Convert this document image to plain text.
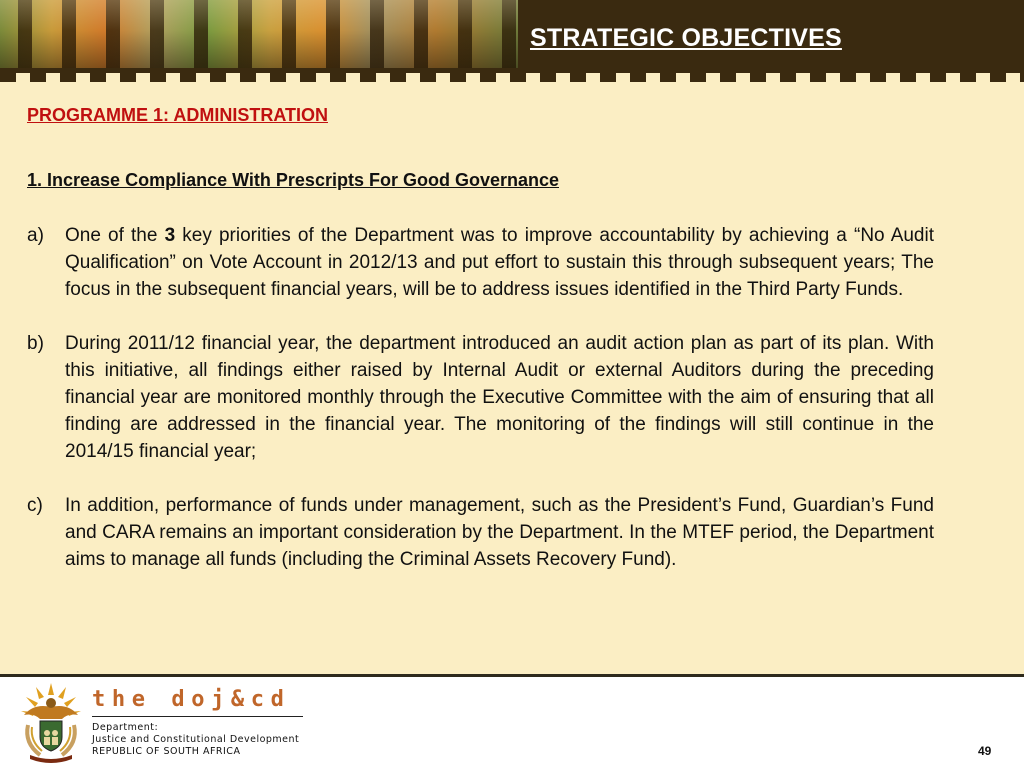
STRATEGIC OBJECTIVES
PROGRAMME 1: ADMINISTRATION
1. Increase Compliance With Prescripts For Good Governance
a) One of the 3 key priorities of the Department was to improve accountability by achieving a “No Audit Qualification” on Vote Account in 2012/13 and put effort to sustain this through subsequent years; The focus in the subsequent financial years, will be to address issues identified in the Third Party Funds.
b) During 2011/12 financial year, the department introduced an audit action plan as part of its plan. With this initiative, all findings either raised by Internal Audit or external Auditors during the preceding financial year are monitored monthly through the Executive Committee with the aim of ensuring that all finding are addressed in the financial year. The monitoring of the findings will still continue in the 2014/15 financial year;
c) In addition, performance of funds under management, such as the President’s Fund, Guardian’s Fund and CARA remains an important consideration by the Department. In the MTEF period, the Department aims to manage all funds (including the Criminal Assets Recovery Fund).
the doj&cd
Department:
Justice and Constitutional Development
REPUBLIC OF SOUTH AFRICA	49
